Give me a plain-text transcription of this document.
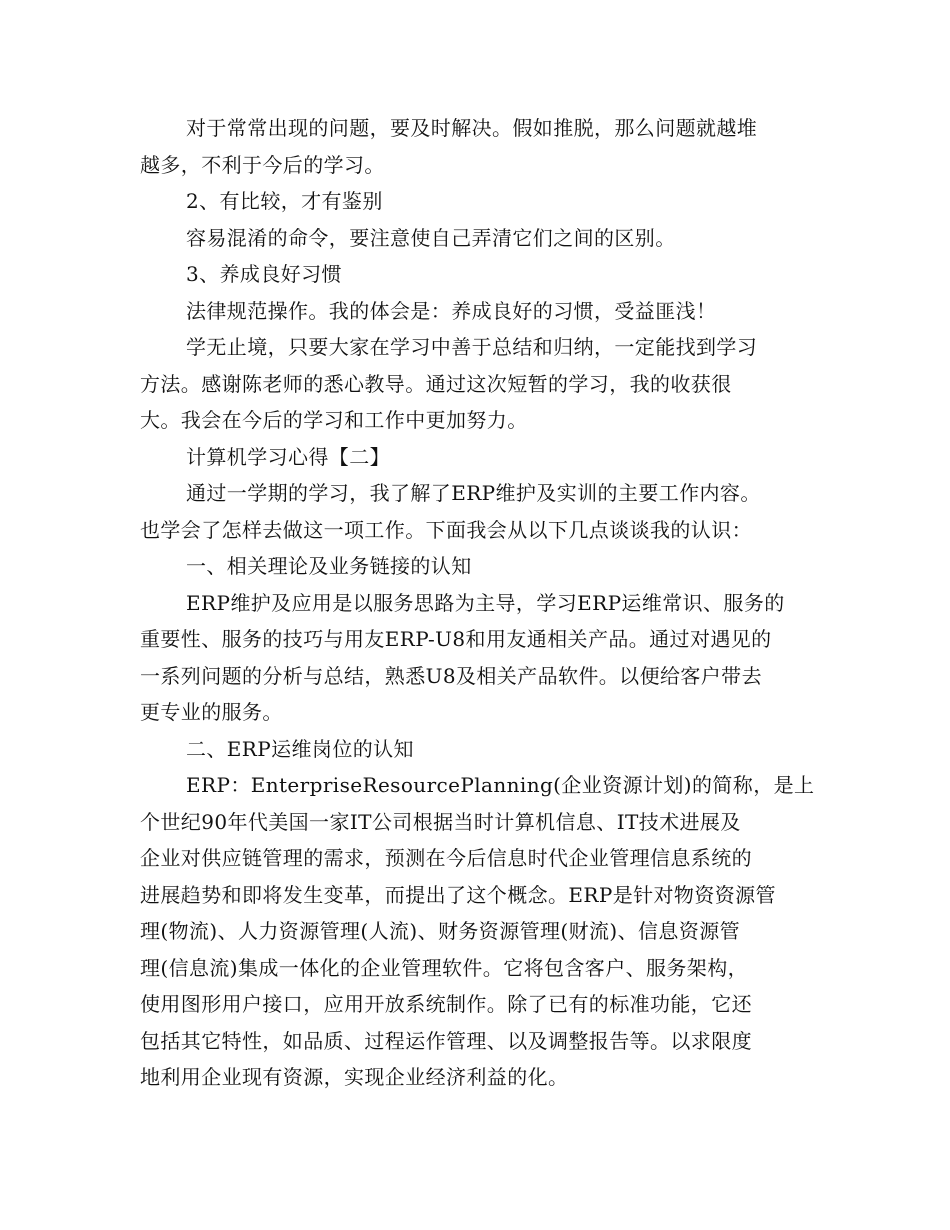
对于常常出现的问题，要及时解决。假如推脱，那么问题就越堆
越多，不利于今后的学习。

2、有比较，才有鉴别

容易混淆的命令，要注意使自己弄清它们之间的区别。

3、养成良好习惯

法律规范操作。我的体会是：养成良好的习惯，受益匪浅！

学无止境，只要大家在学习中善于总结和归纳，一定能找到学习
方法。感谢陈老师的悉心教导。通过这次短暂的学习，我的收获很
大。我会在今后的学习和工作中更加努力。

计算机学习心得【二】

通过一学期的学习，我了解了ERP维护及实训的主要工作内容。
也学会了怎样去做这一项工作。下面我会从以下几点谈谈我的认识：

一、相关理论及业务链接的认知

ERP维护及应用是以服务思路为主导，学习ERP运维常识、服务的
重要性、服务的技巧与用友ERP-U8和用友通相关产品。通过对遇见的
一系列问题的分析与总结，熟悉U8及相关产品软件。以便给客户带去
更专业的服务。

二、ERP运维岗位的认知

ERP：EnterpriseResourcePlanning(企业资源计划)的简称，是上
个世纪90年代美国一家IT公司根据当时计算机信息、IT技术进展及
企业对供应链管理的需求，预测在今后信息时代企业管理信息系统的
进展趋势和即将发生变革，而提出了这个概念。ERP是针对物资资源管
理(物流)、人力资源管理(人流)、财务资源管理(财流)、信息资源管
理(信息流)集成一体化的企业管理软件。它将包含客户、服务架构，
使用图形用户接口，应用开放系统制作。除了已有的标准功能，它还
包括其它特性，如品质、过程运作管理、以及调整报告等。以求限度
地利用企业现有资源，实现企业经济利益的化。
